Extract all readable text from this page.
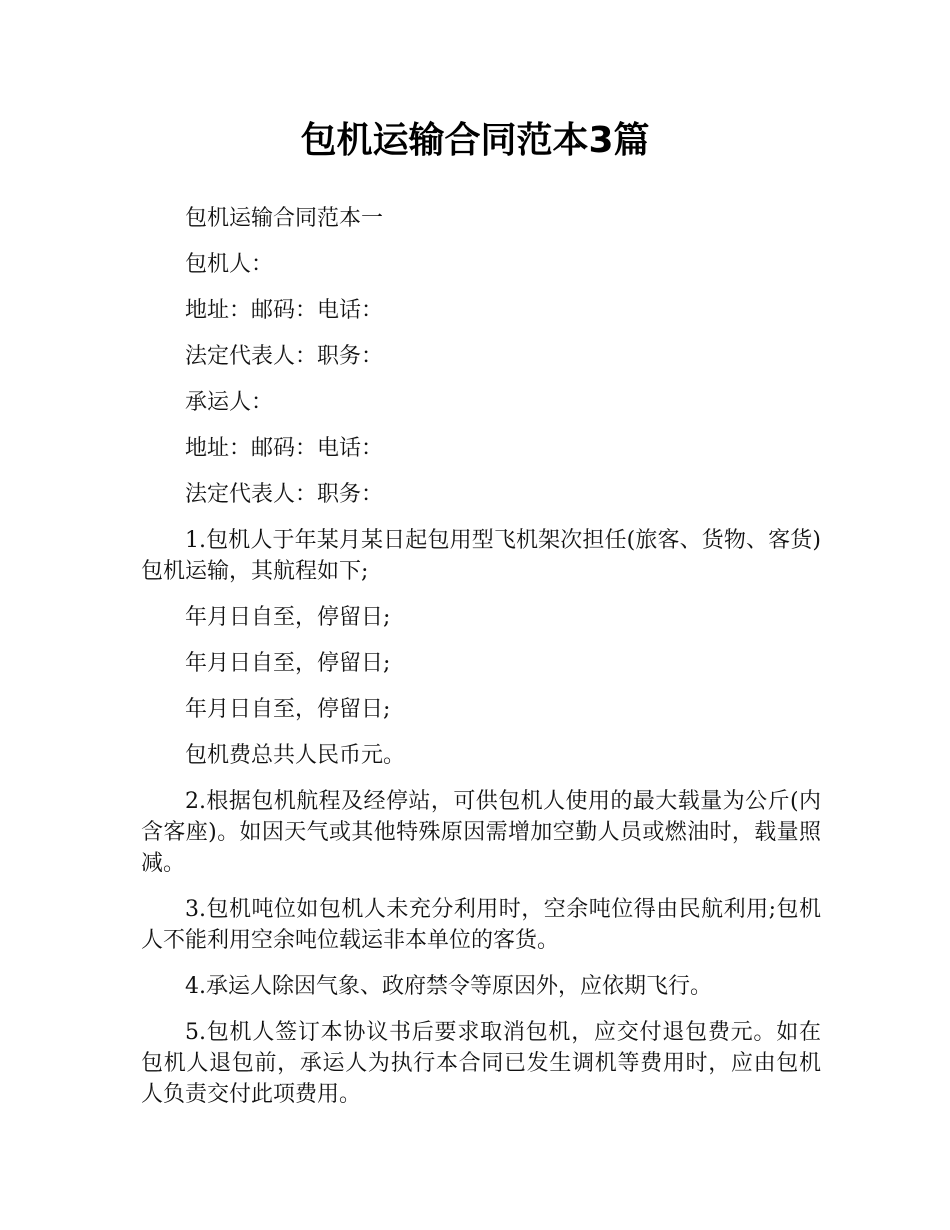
包机运输合同范本3篇

包机运输合同范本一

包机人：

地址：邮码：电话：

法定代表人：职务：

承运人：

地址：邮码：电话：

法定代表人：职务：

1.包机人于年某月某日起包用型飞机架次担任(旅客、货物、客货)包机运输，其航程如下;

年月日自至，停留日;

年月日自至，停留日;

年月日自至，停留日;

包机费总共人民币元。

2.根据包机航程及经停站，可供包机人使用的最大载量为公斤(内含客座)。如因天气或其他特殊原因需增加空勤人员或燃油时，载量照减。

3.包机吨位如包机人未充分利用时，空余吨位得由民航利用;包机人不能利用空余吨位载运非本单位的客货。

4.承运人除因气象、政府禁令等原因外，应依期飞行。

5.包机人签订本协议书后要求取消包机，应交付退包费元。如在包机人退包前，承运人为执行本合同已发生调机等费用时，应由包机人负责交付此项费用。
